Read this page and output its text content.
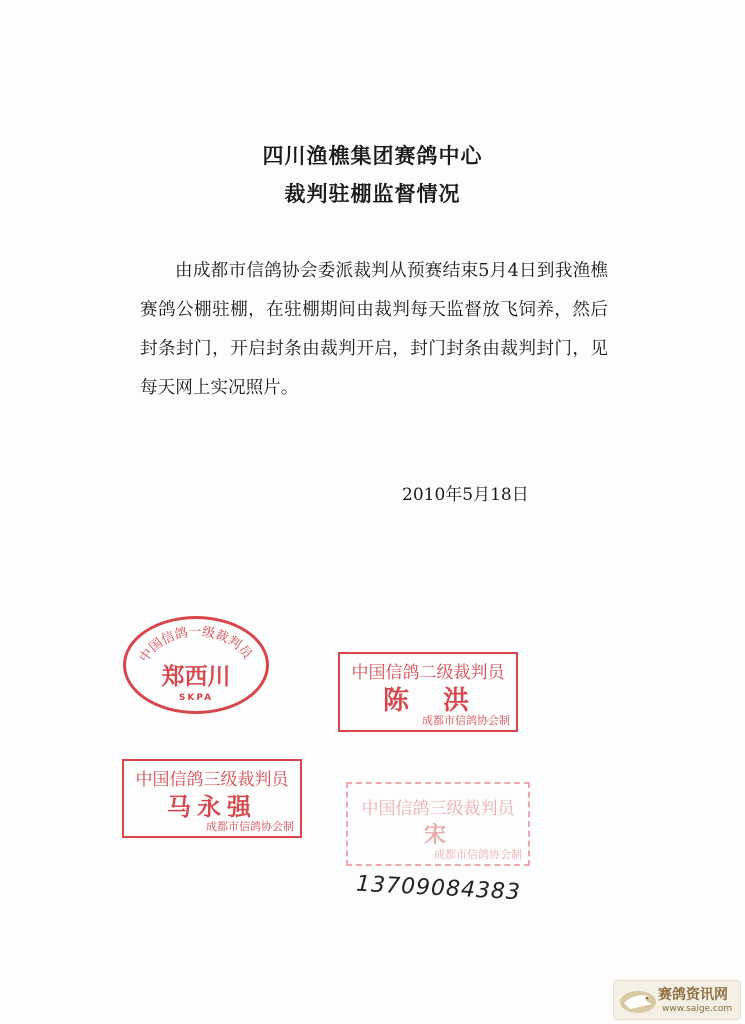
四川渔樵集团赛鸽中心
裁判驻棚监督情况

由成都市信鸽协会委派裁判从预赛结束5月4日到我渔樵赛鸽公棚驻棚，在驻棚期间由裁判每天监督放飞饲养，然后封条封门，开启封条由裁判开启，封门封条由裁判封门，见每天网上实况照片。

2010年5月18日
中国信鸽一级裁判员
郑西川
SKPA
中国信鸽二级裁判员
陈　洪
成都市信鸽协会制
中国信鸽三级裁判员
马永强
成都市信鸽协会制
中国信鸽三级裁判员
宋　
成都市信鸽协会制
13709084383
赛鸽资讯网
www.saige.com
